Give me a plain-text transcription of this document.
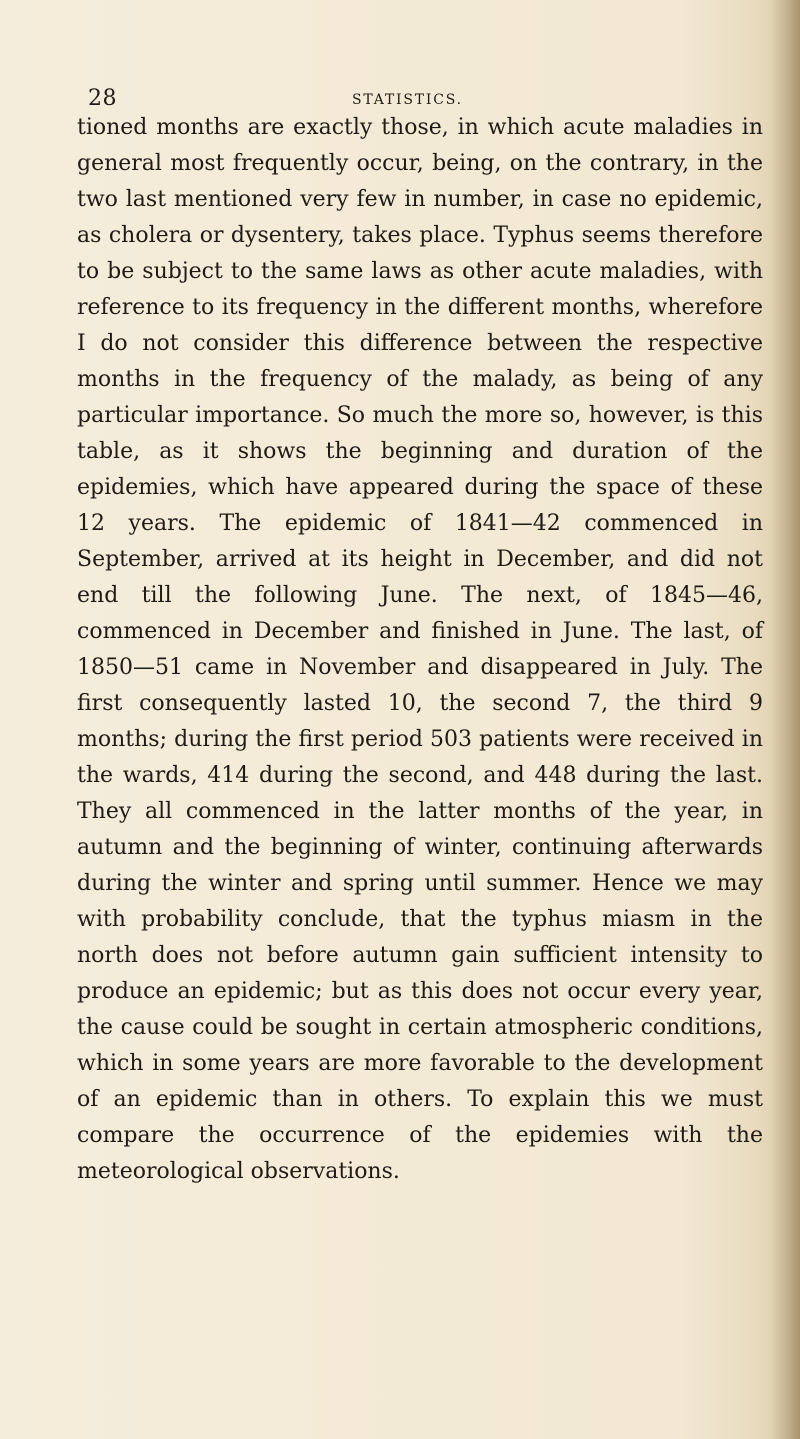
28	STATISTICS.

tioned months are exactly those, in which acute maladies in general most frequently occur, being, on the contrary, in the two last mentioned very few in number, in case no epidemic, as cholera or dysentery, takes place. Typhus seems therefore to be subject to the same laws as other acute maladies, with reference to its frequency in the different months, wherefore I do not consider this difference between the respective months in the frequency of the malady, as being of any particular importance. So much the more so, however, is this table, as it shows the beginning and duration of the epidemies, which have appeared during the space of these 12 years. The epidemic of 1841—42 commenced in September, arrived at its height in December, and did not end till the following June. The next, of 1845—46, commenced in December and finished in June. The last, of 1850—51 came in November and disappeared in July. The first consequently lasted 10, the second 7, the third 9 months; during the first period 503 patients were received in the wards, 414 during the second, and 448 during the last. They all commenced in the latter months of the year, in autumn and the beginning of winter, continuing afterwards during the winter and spring until summer. Hence we may with probability conclude, that the typhus miasm in the north does not before autumn gain sufficient intensity to produce an epidemic; but as this does not occur every year, the cause could be sought in certain atmospheric conditions, which in some years are more favorable to the development of an epidemic than in others. To explain this we must compare the occurrence of the epidemies with the meteorological observations.
